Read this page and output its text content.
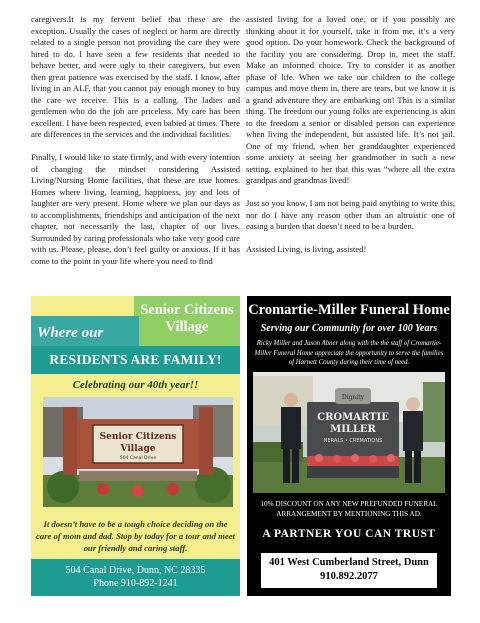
caregivers.It is my fervent belief that these are the exception. Usually the cases of neglect or harm are directly related to a single person not providing the care they were hired to do. I have seen a few residents that needed to behave better, and were ugly to their caregivers, but even then great patience was exercised by the staff. I know, after living in an ALF, that you cannot pay enough money to buy the care we receive. This is a calling. The ladies and gentlemen who do the job are priceless. My care has been excellent. I have been respected, even babied at times. There are differences in the services and the individual facilities.

Finally, I would like to state firmly, and with every intention of changing the mindset considering Assisted Living/Nursing Home facilities, that these are true homes. Homes where living, learning, happiness, joy and lots of laughter are very present. Home where we plan our days as to accomplishments, friendships and anticipation of the next chapter, not necessarily the last, chapter of our lives. Surrounded by caring professionals who take very good care with us. Please, please, don’t feel guilty or anxious. If it has come to the point in your life where you need to find

assisted living for a loved one, or if you possibly are thinking about it for yourself, take it from me, it’s a very good option. Do your homework. Check the background of the facility you are considering. Drop in, meet the staff. Make an informed choice. Try to consider it as another phase of life. When we take our children to the college campus and move them in, there are tears, but we know it is a grand adventure they are embarking on! This is a similar thing. The freedom our young folks are experiencing is akin to the freedom a senior or disabled person can experience when living the independent, but assisted life. It’s not jail. One of my friend, when her granddaughter experienced some anxiety at seeing her grandmother in such a new setting, explained to her that this was “where all the extra grandpas and grandmas lived!

Just so you know, I am not being paid anything to write this, nor do I have any reason other than an altruistic one of easing a burden that doesn’t need to be a burden.

Assisted Living, is living, assisted!

Where our
Senior Citizens Village
RESIDENTS ARE FAMILY!
Celebrating our 40th year!!
Senior Citizens
Village
504 Canal Drive
It doesn’t have to be a tough choice deciding on the care of mom and dad. Stop by today for a tour and meet our friendly and caring staff.
504 Canal Drive, Dunn, NC 28335
Phone 910-892-1241
Cromartie-Miller Funeral Home
Serving our Community for over 100 Years
Ricky Miller and Jason Abner along with the the staff of Cromartie-Miller Funeral Home appreciate the opportunity to serve the families of Harnett County during their time of need.
Dignity
CROMARTIE
MILLER
NERALS • CREMATIONS
10% DISCOUNT ON ANY NEW PREFUNDED FUNERAL ARRANGEMENT BY MENTIONING THIS AD.
A PARTNER YOU CAN TRUST
401 West Cumberland Street, Dunn
910.892.2077
